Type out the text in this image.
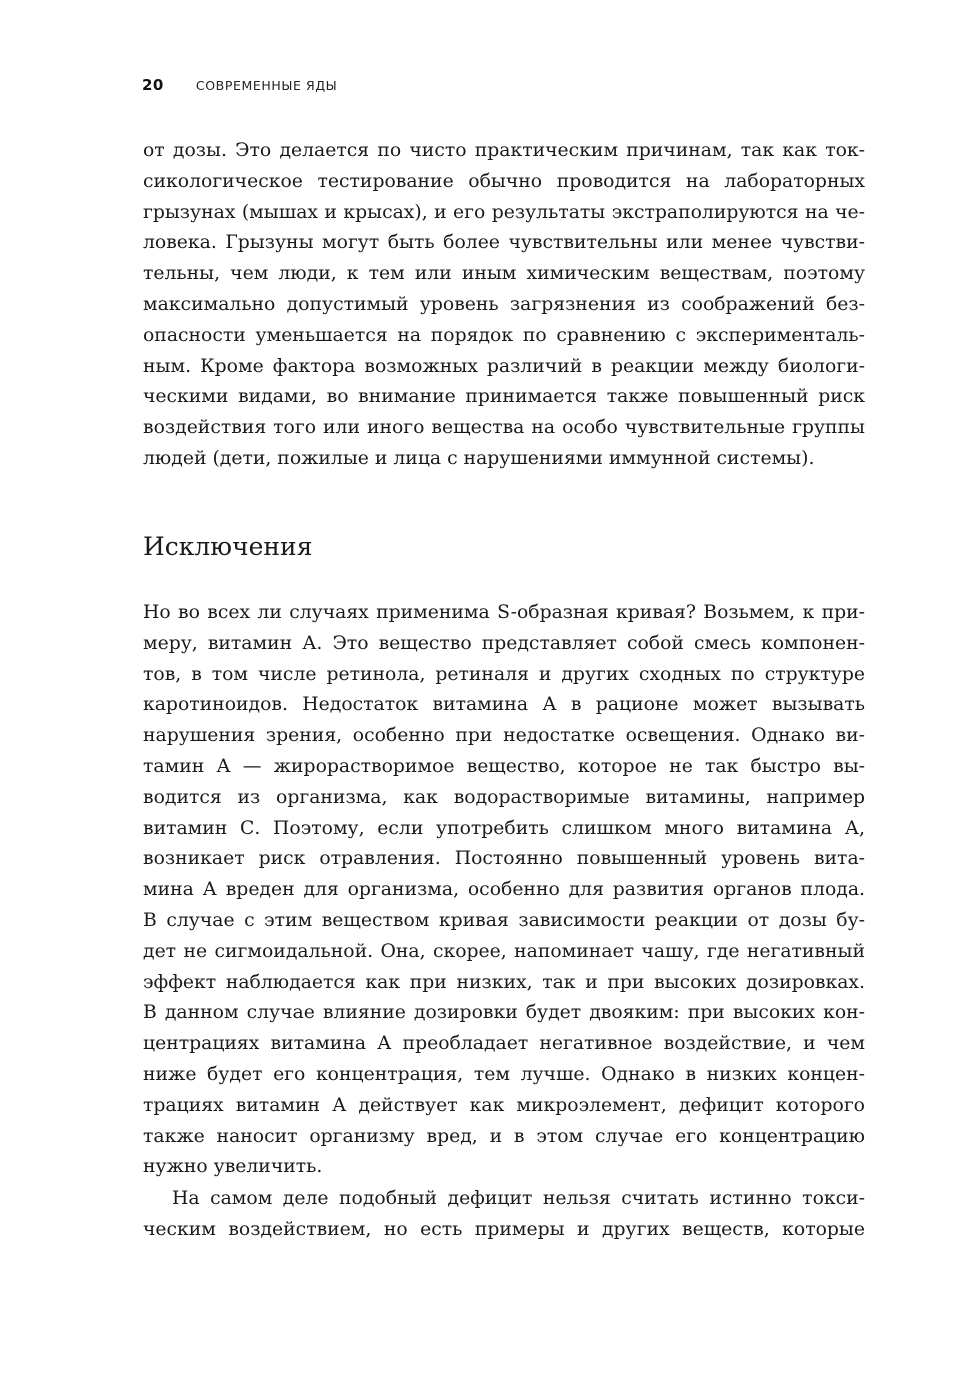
20	СОВРЕМЕННЫЕ ЯДЫ
от дозы. Это делается по чисто практическим причинам, так как ток-
сикологическое тестирование обычно проводится на лабораторных
грызунах (мышах и крысах), и его результаты экстраполируются на че-
ловека. Грызуны могут быть более чувствительны или менее чувстви-
тельны, чем люди, к тем или иным химическим веществам, поэтому
максимально допустимый уровень загрязнения из соображений без-
опасности уменьшается на порядок по сравнению с эксперименталь-
ным. Кроме фактора возможных различий в реакции между биологи-
ческими видами, во внимание принимается также повышенный риск
воздействия того или иного вещества на особо чувствительные группы
людей (дети, пожилые и лица с нарушениями иммунной системы).
Исключения
Но во всех ли случаях применима S-образная кривая? Возьмем, к при-
меру, витамин А. Это вещество представляет собой смесь компонен-
тов, в том числе ретинола, ретиналя и других сходных по структуре
каротиноидов. Недостаток витамина А в рационе может вызывать
нарушения зрения, особенно при недостатке освещения. Однако ви-
тамин А — жирорастворимое вещество, которое не так быстро вы-
водится из организма, как водорастворимые витамины, например
витамин С. Поэтому, если употребить слишком много витамина А,
возникает риск отравления. Постоянно повышенный уровень вита-
мина А вреден для организма, особенно для развития органов плода.
В случае с этим веществом кривая зависимости реакции от дозы бу-
дет не сигмоидальной. Она, скорее, напоминает чашу, где негативный
эффект наблюдается как при низких, так и при высоких дозировках.
В данном случае влияние дозировки будет двояким: при высоких кон-
центрациях витамина А преобладает негативное воздействие, и чем
ниже будет его концентрация, тем лучше. Однако в низких концен-
трациях витамин А действует как микроэлемент, дефицит которого
также наносит организму вред, и в этом случае его концентрацию
нужно увеличить.
На самом деле подобный дефицит нельзя считать истинно токси-
ческим воздействием, но есть примеры и других веществ, которые
